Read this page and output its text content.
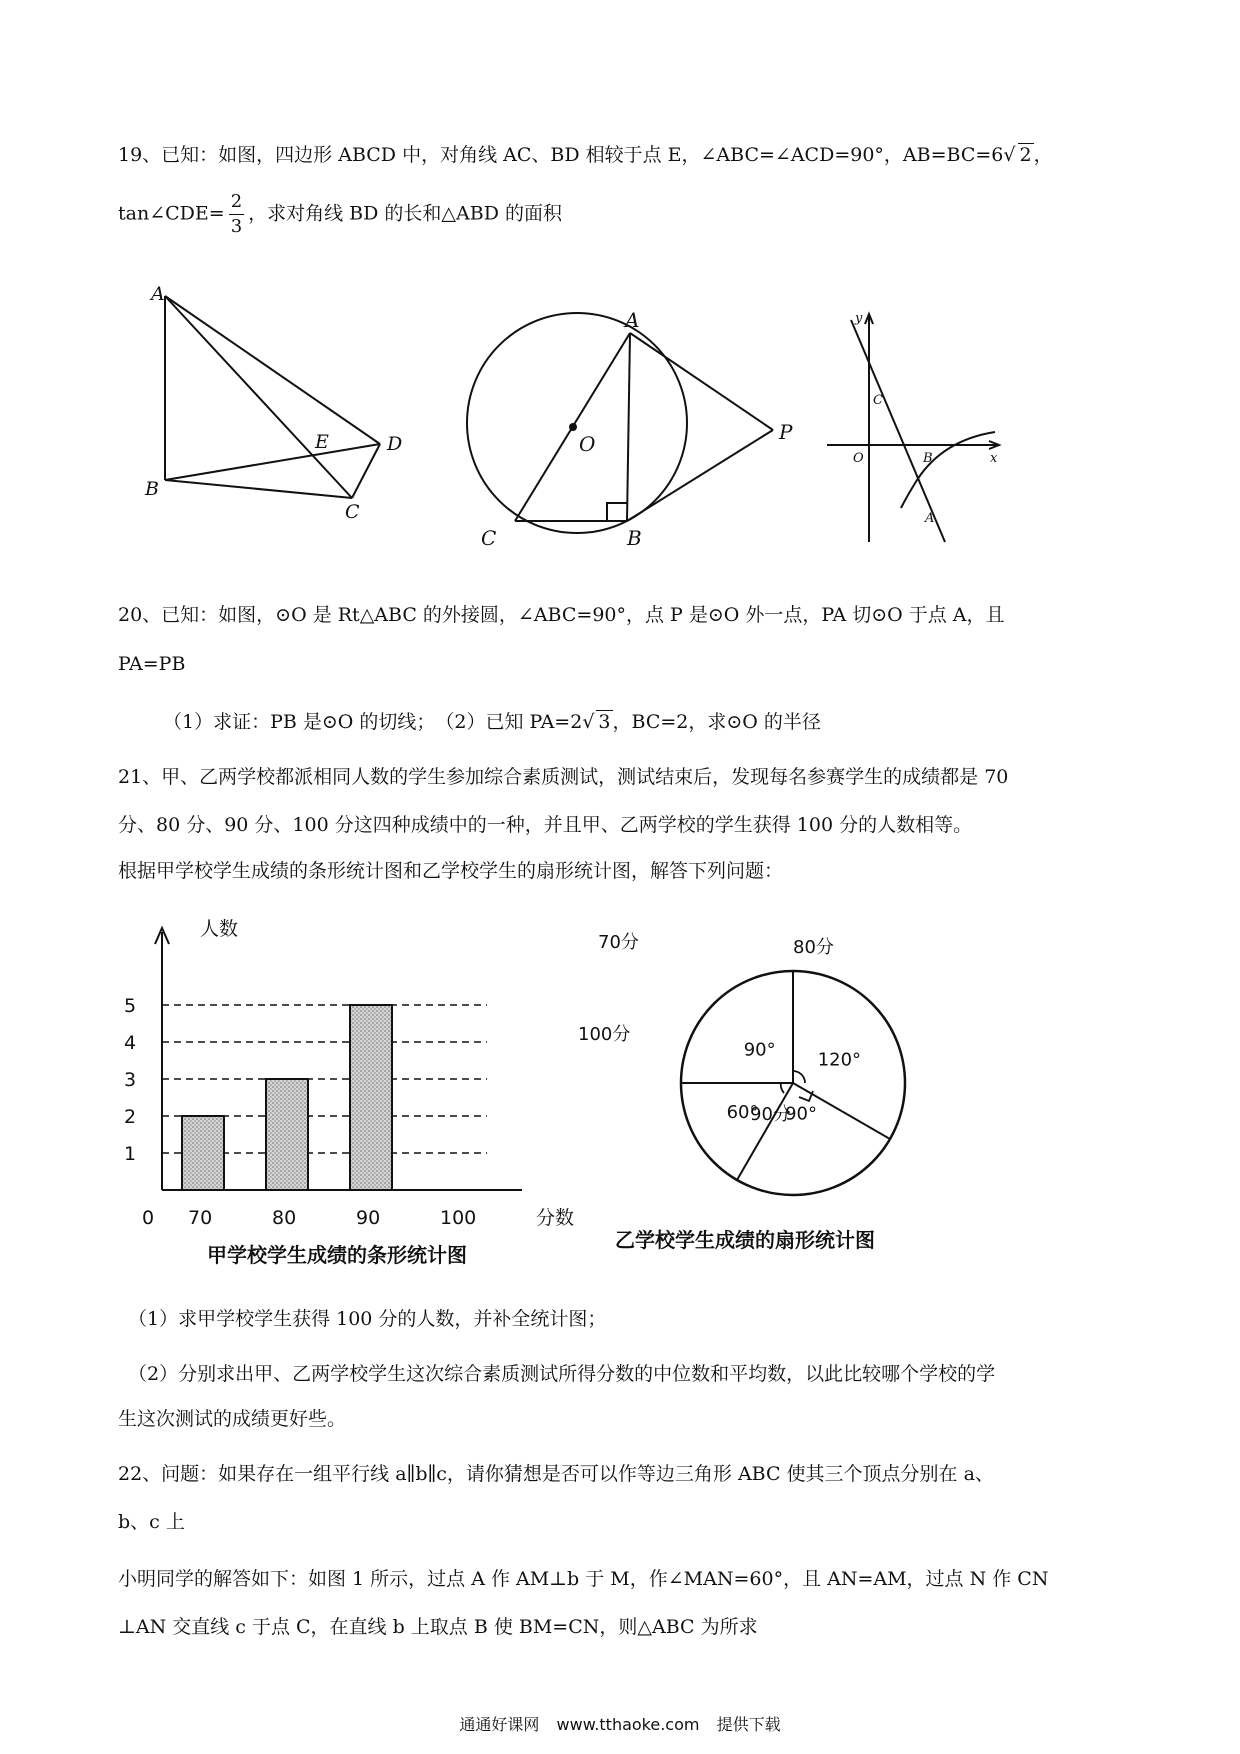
19、已知：如图，四边形 ABCD 中，对角线 AC、BD 相较于点 E，∠ABC=∠ACD=90°，AB=BC=6√ 2 ，
tan∠CDE= $\frac{2}{3}$ ，求对角线 BD 的长和△ABD 的面积
A
B
C
D
E
A
B
C
O	P
y
x
O	B
C
A
20、已知：如图，⊙O 是 Rt△ABC 的外接圆，∠ABC=90°，点 P 是⊙O 外一点，PA 切⊙O 于点 A，且
PA=PB
（1）求证：PB 是⊙O 的切线；　（2）已知 PA=2√ 3 ，BC=2，求⊙O 的半径
21、甲、乙两学校都派相同人数的学生参加综合素质测试，测试结束后，发现每名参赛学生的成绩都是 70
分、80 分、90 分、100 分这四种成绩中的一种，并且甲、乙两学校的学生获得 100 分的人数相等。
根据甲学校学生成绩的条形统计图和乙学校学生的扇形统计图，解答下列问题：
1
2
3
4
5
70	80	90	100
0
人数
分数
甲学校学生成绩的条形统计图
120°
90°
60°
90°
80分
90分
100分
70分
乙学校学生成绩的扇形统计图
（1）求甲学校学生获得 100 分的人数，并补全统计图；
（2）分别求出甲、乙两学校学生这次综合素质测试所得分数的中位数和平均数，以此比较哪个学校的学
生这次测试的成绩更好些。
22、问题：如果存在一组平行线 a∥b∥c，请你猜想是否可以作等边三角形 ABC 使其三个顶点分别在 a、
b、c 上
小明同学的解答如下：如图 1 所示，过点 A 作 AM⊥b 于 M，作∠MAN=60°，且 AN=AM，过点 N 作 CN
⊥AN 交直线 c 于点 C，在直线 b 上取点 B 使 BM=CN，则△ABC 为所求
通通好课网 www.tthaoke.com 提供下载
